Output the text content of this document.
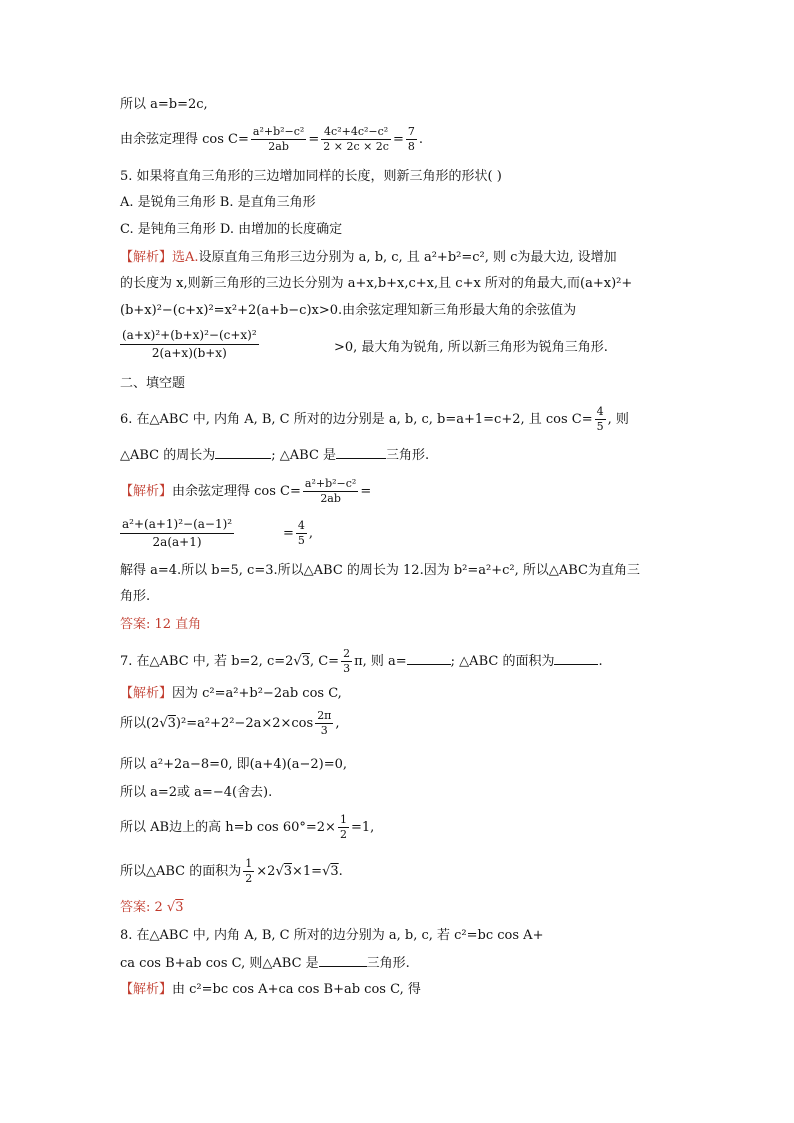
所以 a=b=2c,
由余弦定理得 $\cos C= \frac{\text{a²+b²−c²}}{2ab} = \frac{\text{4c²+4c²−c²}}{2 \times 2c \times 2c} = \frac{7}{8}$ .
5. 如果将直角三角形的三边增加同样的长度，则新三角形的形状( )
A. 是锐角三角形 B. 是直角三角形
C. 是钝角三角形 D. 由增加的长度确定
【解析】选A.设原直角三角形三边分别为 a, b, c, 且 a²+b²=c², 则 c为最大边, 设增加
的长度为 x,则新三角形的三边长分别为 a+x,b+x,c+x,且 c+x 所对的角最大,而(a+x)²+
(b+x)²−(c+x)²=x²+2(a+b−c)x>0.由余弦定理知新三角形最大角的余弦值为
$\frac{\text{(a+x)²+(b+x)²−(c+x)²}}{2(a+x)(b+x)}$	>0, 最大角为锐角, 所以新三角形为锐角三角形.
二、填空题
6. 在△ABC 中, 内角 A, B, C 所对的边分别是 a, b, c, b=a+1=c+2, 且 $\cos C= \frac{4}{5}$ , 则
△ABC 的周长为	; △ABC 是	三角形.
【解析】由余弦定理得 $\cos C= \frac{\text{a²+b²−c²}}{2ab}$ =
$\frac{\text{a²+(a+1)²−(a−1)²}}{2a(a+1)}$	= $\frac{4}{5}$ ,
解得 a=4.所以 b=5, c=3.所以△ABC 的周长为 12.因为 b²=a²+c², 所以△ABC为直角三
角形.
答案: 12 直角
7. 在△ABC 中, 若 b=2, c=2√3, $C= \frac{2}{3} \pi$, 则 a=	; △ABC 的面积为	.
【解析】因为 c²=a²+b²−2ab cos C,
所以$(2√3)^2=a^2+2^2-2a\times 2\times\cos \frac{2\pi}{3}$ ,
所以 a²+2a−8=0, 即(a+4)(a−2)=0,
所以 a=2或 a=−4(舍去).
所以 AB边上的高 h=b $\cos 60^\circ=2\times \frac{1}{2} =1$,
所以△ABC 的面积为 $\frac{1}{2} \times 2√3\times 1=√3$.
答案: 2 √3
8. 在△ABC 中, 内角 A, B, C 所对的边分别为 a, b, c, 若 c²=bc cos A+
ca cos B+ab cos C, 则△ABC 是	三角形.
【解析】由 c²=bc cos A+ca cos B+ab cos C, 得
